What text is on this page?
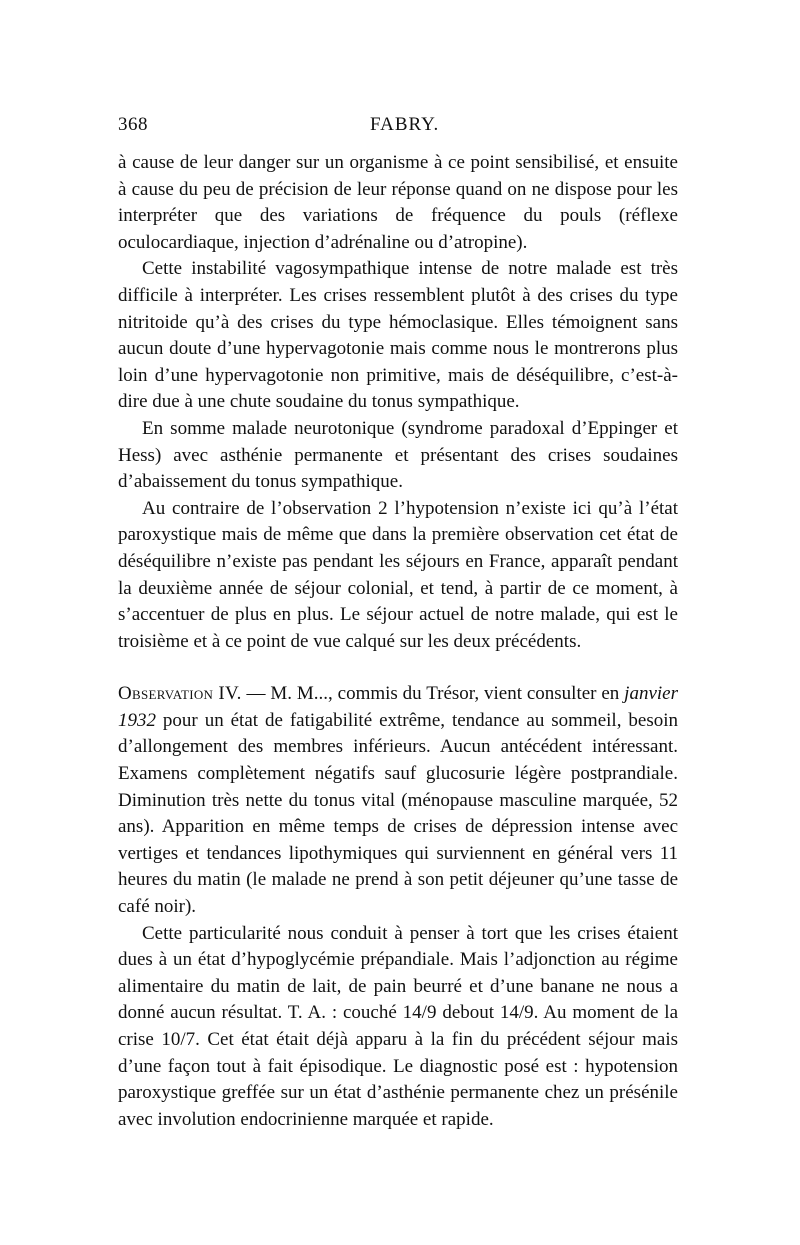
368	FABRY.

à cause de leur danger sur un organisme à ce point sensibilisé, et ensuite à cause du peu de précision de leur réponse quand on ne dispose pour les interpréter que des variations de fréquence du pouls (réflexe oculocardiaque, injection d’adrénaline ou d’atropine).

Cette instabilité vagosympathique intense de notre malade est très difficile à interpréter. Les crises ressemblent plutôt à des crises du type nitritoide qu’à des crises du type hémoclasique. Elles témoignent sans aucun doute d’une hypervagotonie mais comme nous le montrerons plus loin d’une hypervagotonie non primitive, mais de déséquilibre, c’est-à-dire due à une chute soudaine du tonus sympathique.

En somme malade neurotonique (syndrome paradoxal d’Eppinger et Hess) avec asthénie permanente et présentant des crises soudaines d’abaissement du tonus sympathique.

Au contraire de l’observation 2 l’hypotension n’existe ici qu’à l’état paroxystique mais de même que dans la première observation cet état de déséquilibre n’existe pas pendant les séjours en France, apparaît pendant la deuxième année de séjour colonial, et tend, à partir de ce moment, à s’accentuer de plus en plus. Le séjour actuel de notre malade, qui est le troisième et à ce point de vue calqué sur les deux précédents.

Observation IV. — M. M..., commis du Trésor, vient consulter en janvier 1932 pour un état de fatigabilité extrême, tendance au sommeil, besoin d’allongement des membres inférieurs. Aucun antécédent intéressant. Examens complètement négatifs sauf glucosurie légère postprandiale. Diminution très nette du tonus vital (ménopause masculine marquée, 52 ans). Apparition en même temps de crises de dépression intense avec vertiges et tendances lipothymiques qui surviennent en général vers 11 heures du matin (le malade ne prend à son petit déjeuner qu’une tasse de café noir).

Cette particularité nous conduit à penser à tort que les crises étaient dues à un état d’hypoglycémie prépandiale. Mais l’adjonction au régime alimentaire du matin de lait, de pain beurré et d’une banane ne nous a donné aucun résultat. T. A. : couché 14/9 debout 14/9. Au moment de la crise 10/7. Cet état était déjà apparu à la fin du précédent séjour mais d’une façon tout à fait épisodique. Le diagnostic posé est : hypotension paroxystique greffée sur un état d’asthénie permanente chez un présénile avec involution endocrinienne marquée et rapide.
